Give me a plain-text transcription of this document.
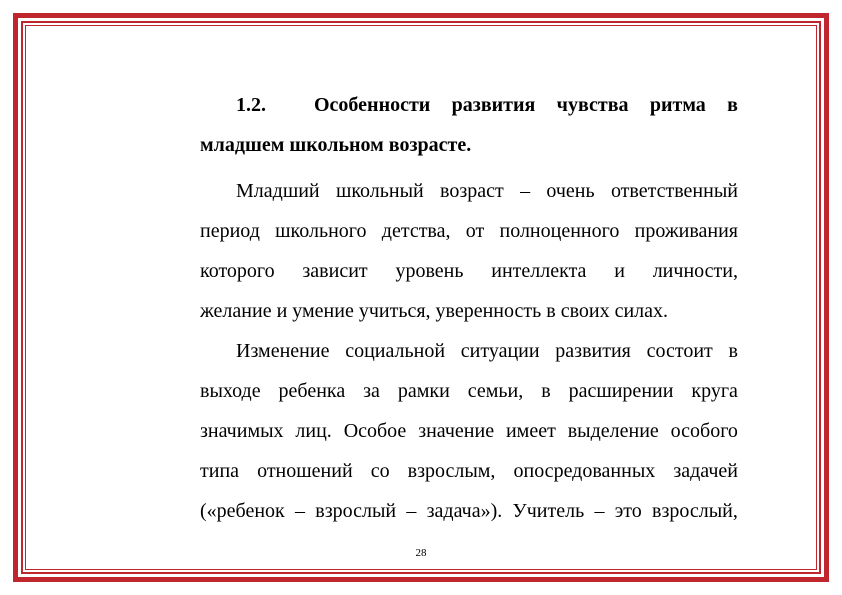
1.2.	Особенности развития чувства ритма в
младшем школьном возрасте.
Младший школьный возраст – очень ответственный
период школьного детства, от полноценного проживания
которого зависит уровень интеллекта и личности,
желание и умение учиться, уверенность в своих силах.
Изменение социальной ситуации развития состоит в
выходе ребенка за рамки семьи, в расширении круга
значимых лиц. Особое значение имеет выделение особого
типа отношений со взрослым, опосредованных задачей
(«ребенок – взрослый – задача»). Учитель – это взрослый,
28
